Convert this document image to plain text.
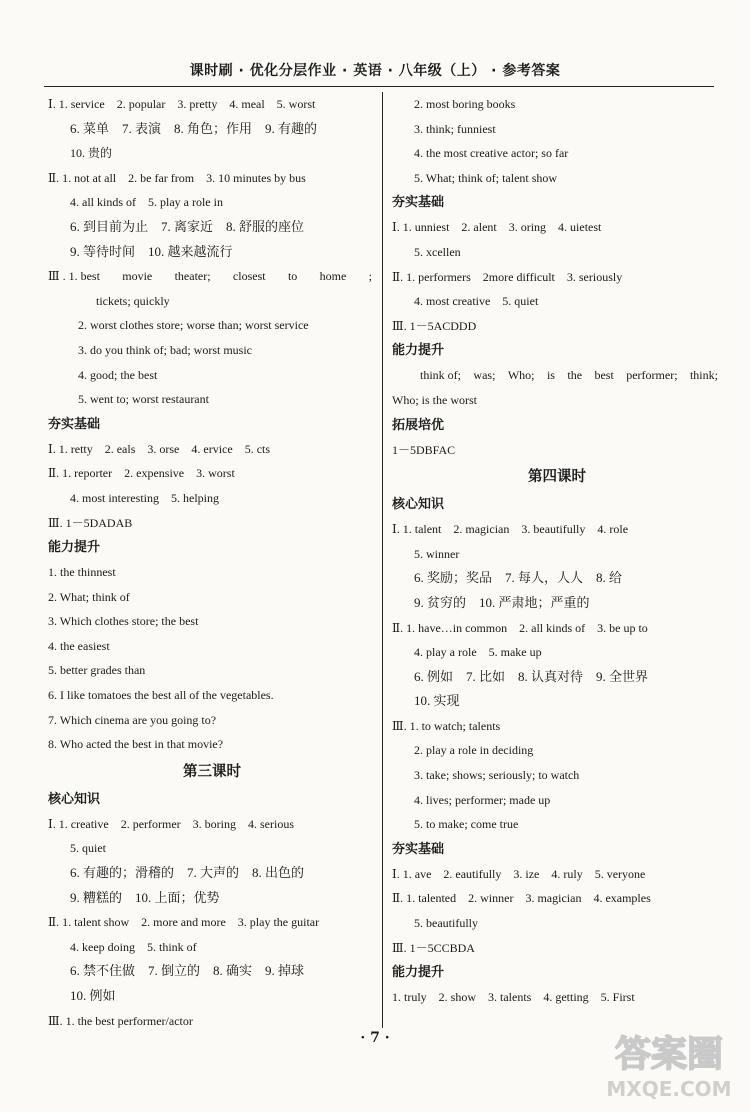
课时刷 · 优化分层作业 · 英语 · 八年级（上） · 参考答案
Ⅰ. 1. service　2. popular　3. pretty　4. meal　5. worst
6. 菜单　7. 表演　8. 角色；作用　9. 有趣的
10. 贵的
Ⅱ. 1. not at all　2. be far from　3. 10 minutes by bus
4. all kinds of　5. play a role in
6. 到目前为止　7. 离家近　8. 舒服的座位
9. 等待时间　10. 越来越流行
Ⅲ . 1. best movie theater; closest to home ;
tickets; quickly
2. worst clothes store; worse than; worst service
3. do you think of; bad; worst music
4. good; the best
5. went to; worst restaurant
夯实基础
Ⅰ. 1. retty　2. eals　3. orse　4. ervice　5. cts
Ⅱ. 1. reporter　2. expensive　3. worst
4. most interesting　5. helping
Ⅲ. 1－5DADAB
能力提升
1. the thinnest
2. What; think of
3. Which clothes store; the best
4. the easiest
5. better grades than
6. I like tomatoes the best all of the vegetables.
7. Which cinema are you going to?
8. Who acted the best in that movie?
第三课时
核心知识
Ⅰ. 1. creative　2. performer　3. boring　4. serious
5. quiet
6. 有趣的；滑稽的　7. 大声的　8. 出色的
9. 糟糕的　10. 上面；优势
Ⅱ. 1. talent show　2. more and more　3. play the guitar
4. keep doing　5. think of
6. 禁不住做　7. 倒立的　8. 确实　9. 掉球
10. 例如
Ⅲ. 1. the best performer/actor
2. most boring books
3. think; funniest
4. the most creative actor; so far
5. What; think of; talent show
夯实基础
Ⅰ. 1. unniest　2. alent　3. oring　4. uietest
5. xcellen
Ⅱ. 1. performers　2more difficult　3. seriously
4. most creative　5. quiet
Ⅲ. 1－5ACDDD
能力提升
think of; was; Who; is the best performer; think;
Who; is the worst
拓展培优
1－5DBFAC
第四课时
核心知识
Ⅰ. 1. talent　2. magician　3. beautifully　4. role
5. winner
6. 奖励；奖品　7. 每人，人人　8. 给
9. 贫穷的　10. 严肃地；严重的
Ⅱ. 1. have…in common　2. all kinds of　3. be up to
4. play a role　5. make up
6. 例如　7. 比如　8. 认真对待　9. 全世界
10. 实现
Ⅲ. 1. to watch; talents
2. play a role in deciding
3. take; shows; seriously; to watch
4. lives; performer; made up
5. to make; come true
夯实基础
Ⅰ. 1. ave　2. eautifully　3. ize　4. ruly　5. veryone
Ⅱ. 1. talented　2. winner　3. magician　4. examples
5. beautifully
Ⅲ. 1－5CCBDA
能力提升
1. truly　2. show　3. talents　4. getting　5. First
· 7 ·	答案圈
MXQE.COM
